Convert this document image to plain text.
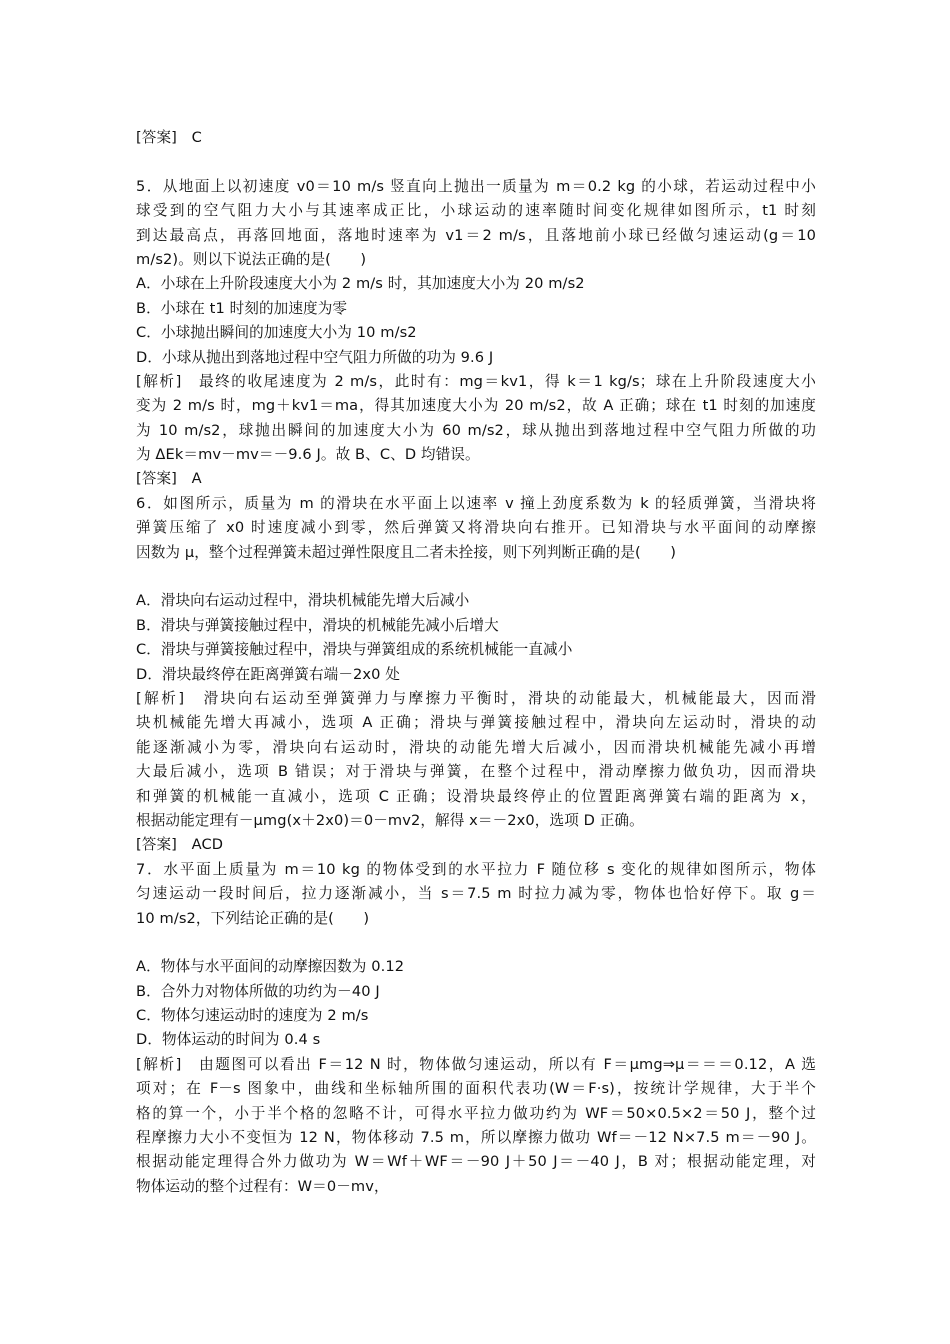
[答案]　C
5．从地面上以初速度 v0＝10 m/s 竖直向上抛出一质量为 m＝0.2 kg 的小球，若运动过程中小
球受到的空气阻力大小与其速率成正比，小球运动的速率随时间变化规律如图所示，t1 时刻
到达最高点，再落回地面，落地时速率为 v1＝2 m/s，且落地前小球已经做匀速运动(g＝10
m/s2)。则以下说法正确的是(　　)
A．小球在上升阶段速度大小为 2 m/s 时，其加速度大小为 20 m/s2
B．小球在 t1 时刻的加速度为零
C．小球抛出瞬间的加速度大小为 10 m/s2
D．小球从抛出到落地过程中空气阻力所做的功为 9.6 J
[解析]　最终的收尾速度为 2 m/s，此时有：mg＝kv1，得 k＝1 kg/s；球在上升阶段速度大小
变为 2 m/s 时，mg＋kv1＝ma，得其加速度大小为 20 m/s2，故 A 正确；球在 t1 时刻的加速度
为 10 m/s2，球抛出瞬间的加速度大小为 60 m/s2，球从抛出到落地过程中空气阻力所做的功
为 ΔEk＝mv－mv＝－9.6 J。故 B、C、D 均错误。
[答案]　A
6．如图所示，质量为 m 的滑块在水平面上以速率 v 撞上劲度系数为 k 的轻质弹簧，当滑块将
弹簧压缩了 x0 时速度减小到零，然后弹簧又将滑块向右推开。已知滑块与水平面间的动摩擦
因数为 μ，整个过程弹簧未超过弹性限度且二者未拴接，则下列判断正确的是(　　)
A．滑块向右运动过程中，滑块机械能先增大后减小
B．滑块与弹簧接触过程中，滑块的机械能先减小后增大
C．滑块与弹簧接触过程中，滑块与弹簧组成的系统机械能一直减小
D．滑块最终停在距离弹簧右端－2x0 处
[解析]　滑块向右运动至弹簧弹力与摩擦力平衡时，滑块的动能最大，机械能最大，因而滑
块机械能先增大再减小，选项 A 正确；滑块与弹簧接触过程中，滑块向左运动时，滑块的动
能逐渐减小为零，滑块向右运动时，滑块的动能先增大后减小，因而滑块机械能先减小再增
大最后减小，选项 B 错误；对于滑块与弹簧，在整个过程中，滑动摩擦力做负功，因而滑块
和弹簧的机械能一直减小，选项 C 正确；设滑块最终停止的位置距离弹簧右端的距离为 x，
根据动能定理有－μmg(x＋2x0)＝0－mv2，解得 x＝－2x0，选项 D 正确。
[答案]　ACD
7．水平面上质量为 m＝10 kg 的物体受到的水平拉力 F 随位移 s 变化的规律如图所示，物体
匀速运动一段时间后，拉力逐渐减小，当 s＝7.5 m 时拉力减为零，物体也恰好停下。取 g＝
10 m/s2，下列结论正确的是(　　)
A．物体与水平面间的动摩擦因数为 0.12
B．合外力对物体所做的功约为－40 J
C．物体匀速运动时的速度为 2 m/s
D．物体运动的时间为 0.4 s
[解析]　由题图可以看出 F＝12 N 时，物体做匀速运动，所以有 F＝μmg⇒μ＝＝＝0.12，A 选
项对；在 F－s 图象中，曲线和坐标轴所围的面积代表功(W＝F·s)，按统计学规律，大于半个
格的算一个，小于半个格的忽略不计，可得水平拉力做功约为 WF＝50×0.5×2＝50 J，整个过
程摩擦力大小不变恒为 12 N，物体移动 7.5 m，所以摩擦力做功 Wf＝－12 N×7.5 m＝－90 J。
根据动能定理得合外力做功为 W＝Wf＋WF＝－90 J＋50 J＝－40 J，B 对；根据动能定理，对
物体运动的整个过程有：W＝0－mv，
